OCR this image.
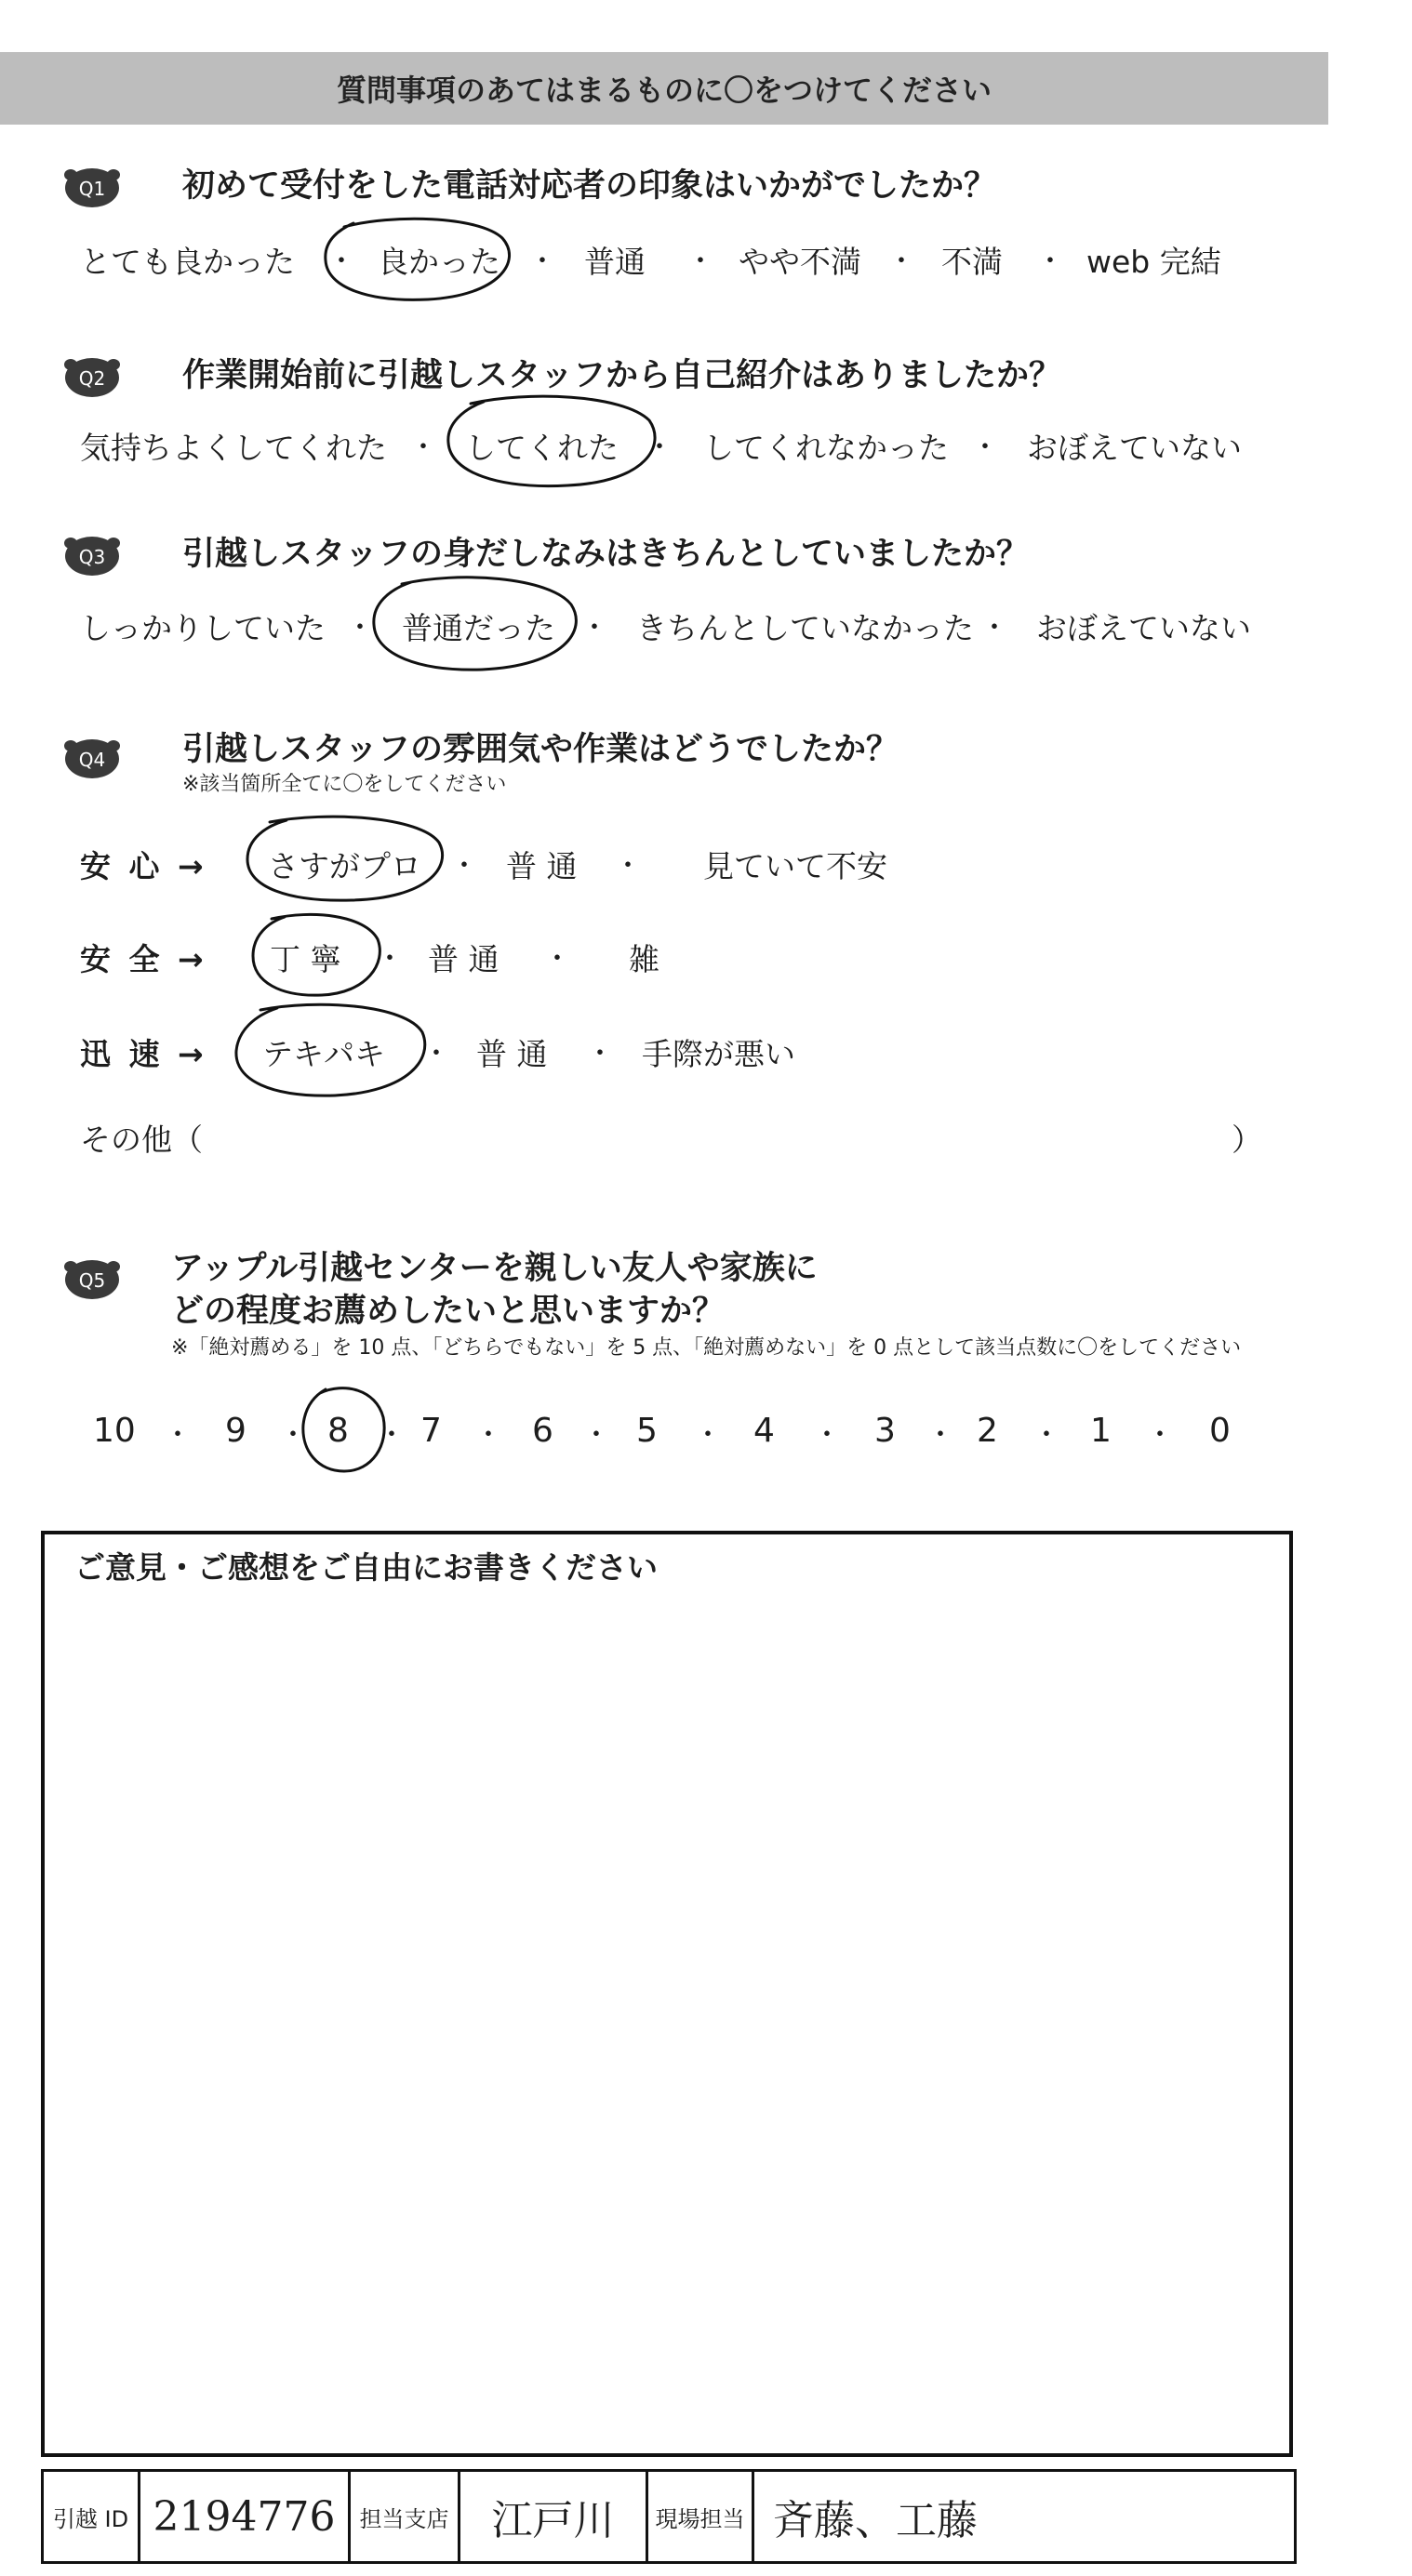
質問事項のあてはまるものに〇をつけてください
Q1
Q2
Q3
Q4
Q5
初めて受付をした電話対応者の印象はいかがでしたか？
とても良かった ・ 良かった ・ 普通 ・ やや不満 ・ 不満 ・ web 完結
作業開始前に引越しスタッフから自己紹介はありましたか？
気持ちよくしてくれた ・ してくれた ・ してくれなかった ・ おぼえていない
引越しスタッフの身だしなみはきちんとしていましたか？
しっかりしていた ・ 普通だった ・ きちんとしていなかった ・ おぼえていない
引越しスタッフの雰囲気や作業はどうでしたか？
※該当箇所全てに〇をしてください
安 心 → さすがプロ ・ 普 通 ・ 見ていて不安
安 全 → 丁 寧 ・ 普 通 ・ 雑
迅 速 → テキパキ ・ 普 通 ・ 手際が悪い
その他（	）
アップル引越センターを親しい友人や家族に
どの程度お薦めしたいと思いますか？
※「絶対薦める」を 10 点、「どちらでもない」を 5 点、「絶対薦めない」を 0 点として該当点数に〇をしてください
10 ・ 9 ・ 8 ・ 7 ・ 6 ・ 5 ・ 4 ・ 3 ・ 2 ・ 1 ・ 0
ご意見・ご感想をご自由にお書きください
引越 ID 2194776	担当支店	江戸川	現場担当 斉藤、工藤
